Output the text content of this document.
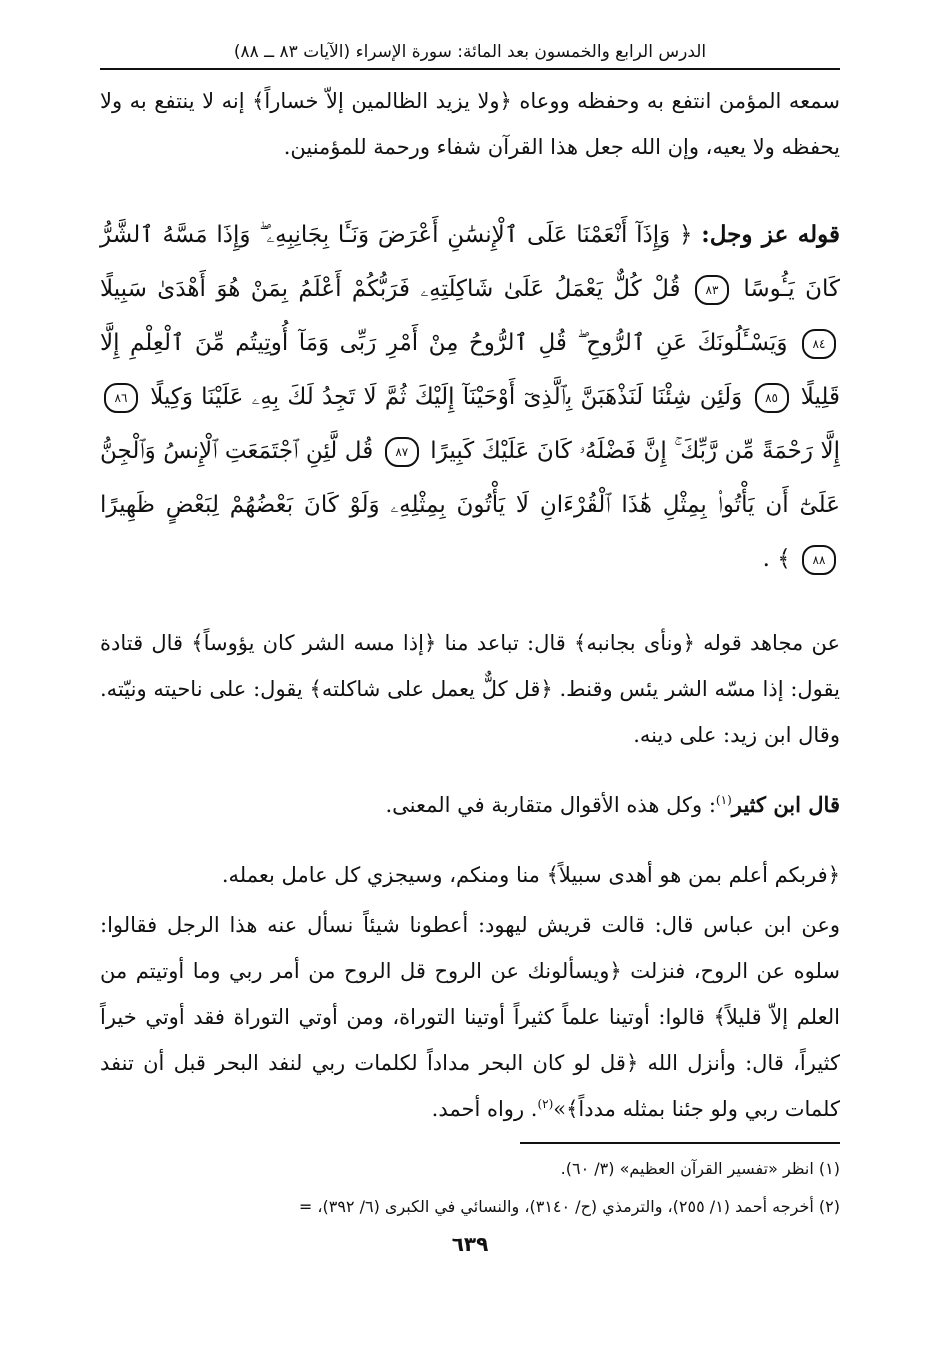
الدرس الرابع والخمسون بعد المائة: سورة الإسراء (الآيات ٨٣ ــ ٨٨)

سمعه المؤمن انتفع به وحفظه ووعاه ﴿ولا يزيد الظالمين إلاّ خساراً﴾ إنه لا ينتفع به ولا يحفظه ولا يعيه، وإن الله جعل هذا القرآن شفاء ورحمة للمؤمنين.

قوله عز وجل: ﴿ وَإِذَآ أَنْعَمْنَا عَلَى ٱلْإِنسَٰنِ أَعْرَضَ وَنَـَٔا بِجَانِبِهِۦ ۖ وَإِذَا مَسَّهُ ٱلشَّرُّ كَانَ يَـُٔوسًا ٨٣ قُلْ كُلٌّ يَعْمَلُ عَلَىٰ شَاكِلَتِهِۦ فَرَبُّكُمْ أَعْلَمُ بِمَنْ هُوَ أَهْدَىٰ سَبِيلًا ٨٤ وَيَسْـَٔلُونَكَ عَنِ ٱلرُّوحِ ۖ قُلِ ٱلرُّوحُ مِنْ أَمْرِ رَبِّى وَمَآ أُوتِيتُم مِّنَ ٱلْعِلْمِ إِلَّا قَلِيلًا ٨٥ وَلَئِن شِئْنَا لَنَذْهَبَنَّ بِٱلَّذِىٓ أَوْحَيْنَآ إِلَيْكَ ثُمَّ لَا تَجِدُ لَكَ بِهِۦ عَلَيْنَا وَكِيلًا ٨٦ إِلَّا رَحْمَةً مِّن رَّبِّكَ ۚ إِنَّ فَضْلَهُۥ كَانَ عَلَيْكَ كَبِيرًا ٨٧ قُل لَّئِنِ ٱجْتَمَعَتِ ٱلْإِنسُ وَٱلْجِنُّ عَلَىٰٓ أَن يَأْتُوا۟ بِمِثْلِ هَٰذَا ٱلْقُرْءَانِ لَا يَأْتُونَ بِمِثْلِهِۦ وَلَوْ كَانَ بَعْضُهُمْ لِبَعْضٍ ظَهِيرًا ٨٨ ﴾ .

عن مجاهد قوله ﴿ونأى بجانبه﴾ قال: تباعد منا ﴿إذا مسه الشر كان يؤوساً﴾ قال قتادة يقول: إذا مسّه الشر يئس وقنط. ﴿قل كلٌّ يعمل على شاكلته﴾ يقول: على ناحيته ونيّته. وقال ابن زيد: على دينه.

قال ابن كثير$^{(١)}$: وكل هذه الأقوال متقاربة في المعنى.

﴿فربكم أعلم بمن هو أهدى سبيلاً﴾ منا ومنكم، وسيجزي كل عامل بعمله.

وعن ابن عباس قال: قالت قريش ليهود: أعطونا شيئاً نسأل عنه هذا الرجل فقالوا: سلوه عن الروح، فنزلت ﴿ويسألونك عن الروح قل الروح من أمر ربي وما أوتيتم من العلم إلاّ قليلاً﴾ قالوا: أوتينا علماً كثيراً أوتينا التوراة، ومن أوتي التوراة فقد أوتي خيراً كثيراً، قال: وأنزل الله ﴿قل لو كان البحر مداداً لكلمات ربي لنفد البحر قبل أن تنفد كلمات ربي ولو جئنا بمثله مدداً﴾»$^{(٢)}$. رواه أحمد.

(١) انظر «تفسير القرآن العظيم» (٣/ ٦٠).
(٢) أخرجه أحمد (١/ ٢٥٥)، والترمذي (ح/ ٣١٤٠)، والنسائي في الكبرى (٦/ ٣٩٢)، =
٦٣٩
